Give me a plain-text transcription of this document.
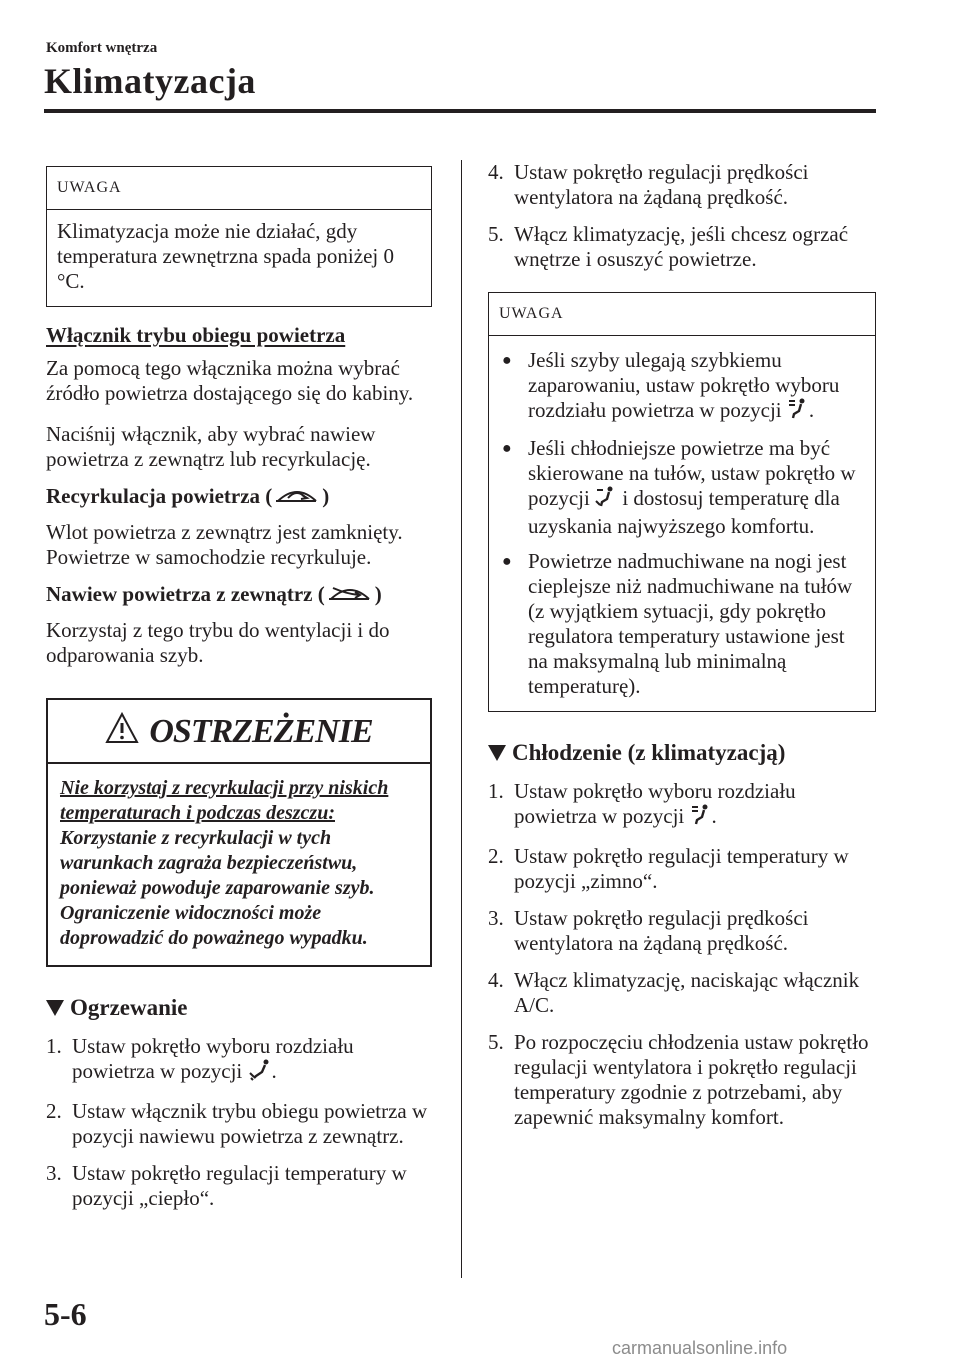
Komfort wnętrza
Klimatyzacja
UWAGA
Klimatyzacja może nie działać, gdy temperatura zewnętrzna spada poniżej 0 °C.

Włącznik trybu obiegu powietrza

Za pomocą tego włącznika można wybrać źródło powietrza dostającego się do kabiny.

Naciśnij włącznik, aby wybrać nawiew powietrza z zewnątrz lub recyrkulację.

Recyrkulacja powietrza ( )

Wlot powietrza z zewnątrz jest zamknięty. Powietrze w samochodzie recyrkuluje.

Nawiew powietrza z zewnątrz ( )

Korzystaj z tego trybu do wentylacji i do odparowania szyb.

OSTRZEŻENIE
Nie korzystaj z recyrkulacji przy niskich temperaturach i podczas deszczu:
Korzystanie z recyrkulacji w tych warunkach zagraża bezpieczeństwu, ponieważ powoduje zaparowanie szyb. Ograniczenie widoczności może doprowadzić do poważnego wypadku.
Ogrzewanie
1. Ustaw pokrętło wyboru rozdziału powietrza w pozycji .
2. Ustaw włącznik trybu obiegu powietrza w pozycji nawiewu powietrza z zewnątrz.
3. Ustaw pokrętło regulacji temperatury w pozycji „ciepło“.
4. Ustaw pokrętło regulacji prędkości wentylatora na żądaną prędkość.
5. Włącz klimatyzację, jeśli chcesz ogrzać wnętrze i osuszyć powietrze.
UWAGA
● Jeśli szyby ulegają szybkiemu zaparowaniu, ustaw pokrętło wyboru rozdziału powietrza w pozycji .
● Jeśli chłodniejsze powietrze ma być skierowane na tułów, ustaw pokrętło w pozycji  i dostosuj temperaturę dla uzyskania najwyższego komfortu.
● Powietrze nadmuchiwane na nogi jest cieplejsze niż nadmuchiwane na tułów (z wyjątkiem sytuacji, gdy pokrętło regulatora temperatury ustawione jest na maksymalną lub minimalną temperaturę).
Chłodzenie (z klimatyzacją)
1. Ustaw pokrętło wyboru rozdziału powietrza w pozycji .
2. Ustaw pokrętło regulacji temperatury w pozycji „zimno“.
3. Ustaw pokrętło regulacji prędkości wentylatora na żądaną prędkość.
4. Włącz klimatyzację, naciskając włącznik A/C.
5. Po rozpoczęciu chłodzenia ustaw pokrętło regulacji wentylatora i pokrętło regulacji temperatury zgodnie z potrzebami, aby zapewnić maksymalny komfort.
5-6
carmanualsonline.info
